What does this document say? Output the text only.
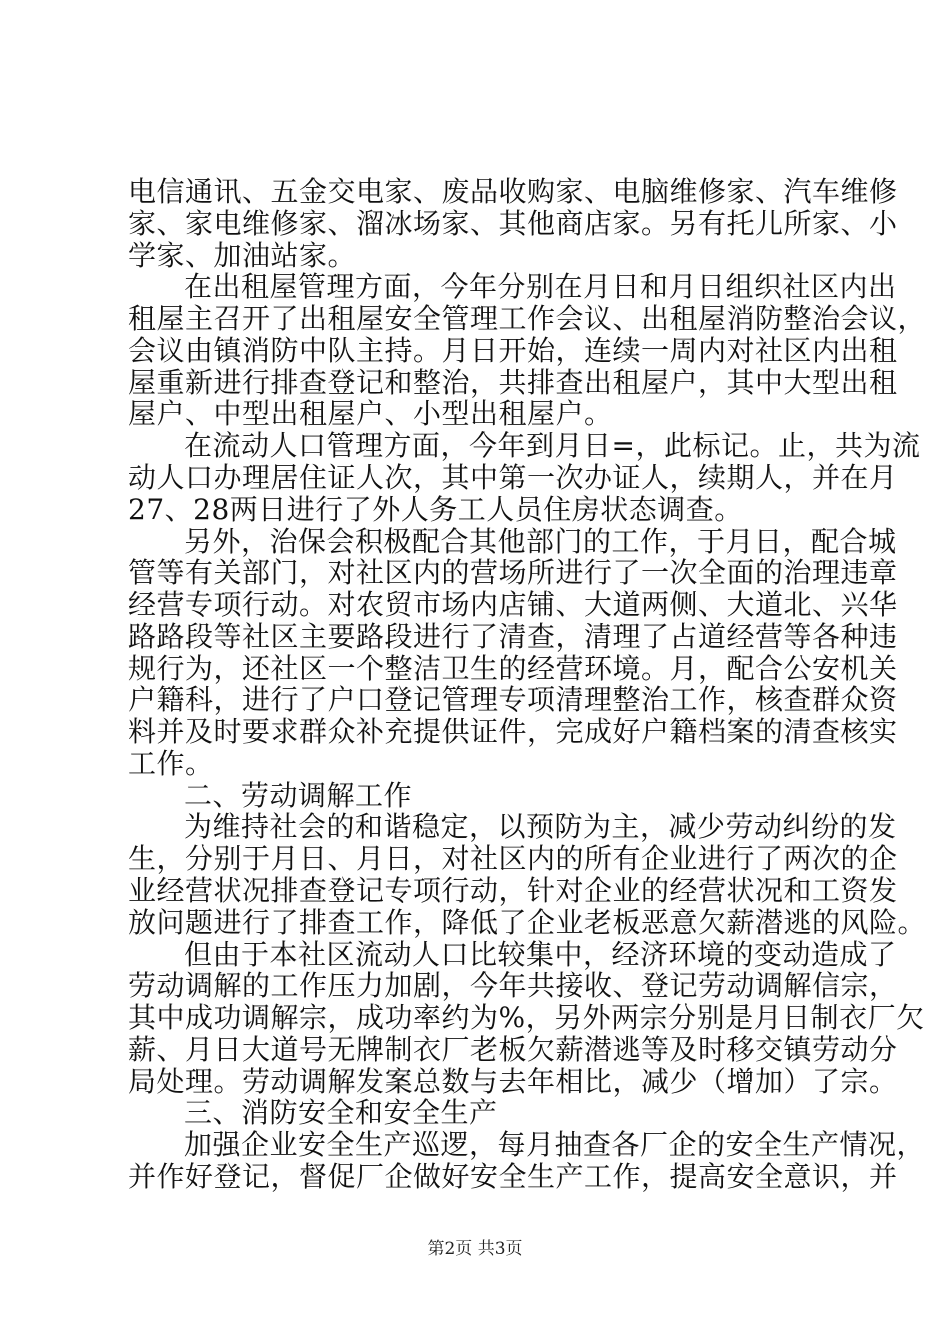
电信通讯、五金交电家、废品收购家、电脑维修家、汽车维修
家、家电维修家、溜冰场家、其他商店家。另有托儿所家、小
学家、加油站家。
在出租屋管理方面，今年分别在月日和月日组织社区内出
租屋主召开了出租屋安全管理工作会议、出租屋消防整治会议，
会议由镇消防中队主持。月日开始，连续一周内对社区内出租
屋重新进行排查登记和整治，共排查出租屋户，其中大型出租
屋户、中型出租屋户、小型出租屋户。
在流动人口管理方面，今年到月日=，此标记。止，共为流
动人口办理居住证人次，其中第一次办证人，续期人，并在月
27、28两日进行了外人务工人员住房状态调查。
另外，治保会积极配合其他部门的工作，于月日，配合城
管等有关部门，对社区内的营场所进行了一次全面的治理违章
经营专项行动。对农贸市场内店铺、大道两侧、大道北、兴华
路路段等社区主要路段进行了清查，清理了占道经营等各种违
规行为，还社区一个整洁卫生的经营环境。月，配合公安机关
户籍科，进行了户口登记管理专项清理整治工作，核查群众资
料并及时要求群众补充提供证件，完成好户籍档案的清查核实
工作。
二、劳动调解工作
为维持社会的和谐稳定，以预防为主，减少劳动纠纷的发
生，分别于月日、月日，对社区内的所有企业进行了两次的企
业经营状况排查登记专项行动，针对企业的经营状况和工资发
放问题进行了排查工作，降低了企业老板恶意欠薪潜逃的风险。
但由于本社区流动人口比较集中，经济环境的变动造成了
劳动调解的工作压力加剧，今年共接收、登记劳动调解信宗，
其中成功调解宗，成功率约为%，另外两宗分别是月日制衣厂欠
薪、月日大道号无牌制衣厂老板欠薪潜逃等及时移交镇劳动分
局处理。劳动调解发案总数与去年相比，减少（增加）了宗。
三、消防安全和安全生产
加强企业安全生产巡逻，每月抽查各厂企的安全生产情况，
并作好登记，督促厂企做好安全生产工作，提高安全意识，并
第2页 共3页
